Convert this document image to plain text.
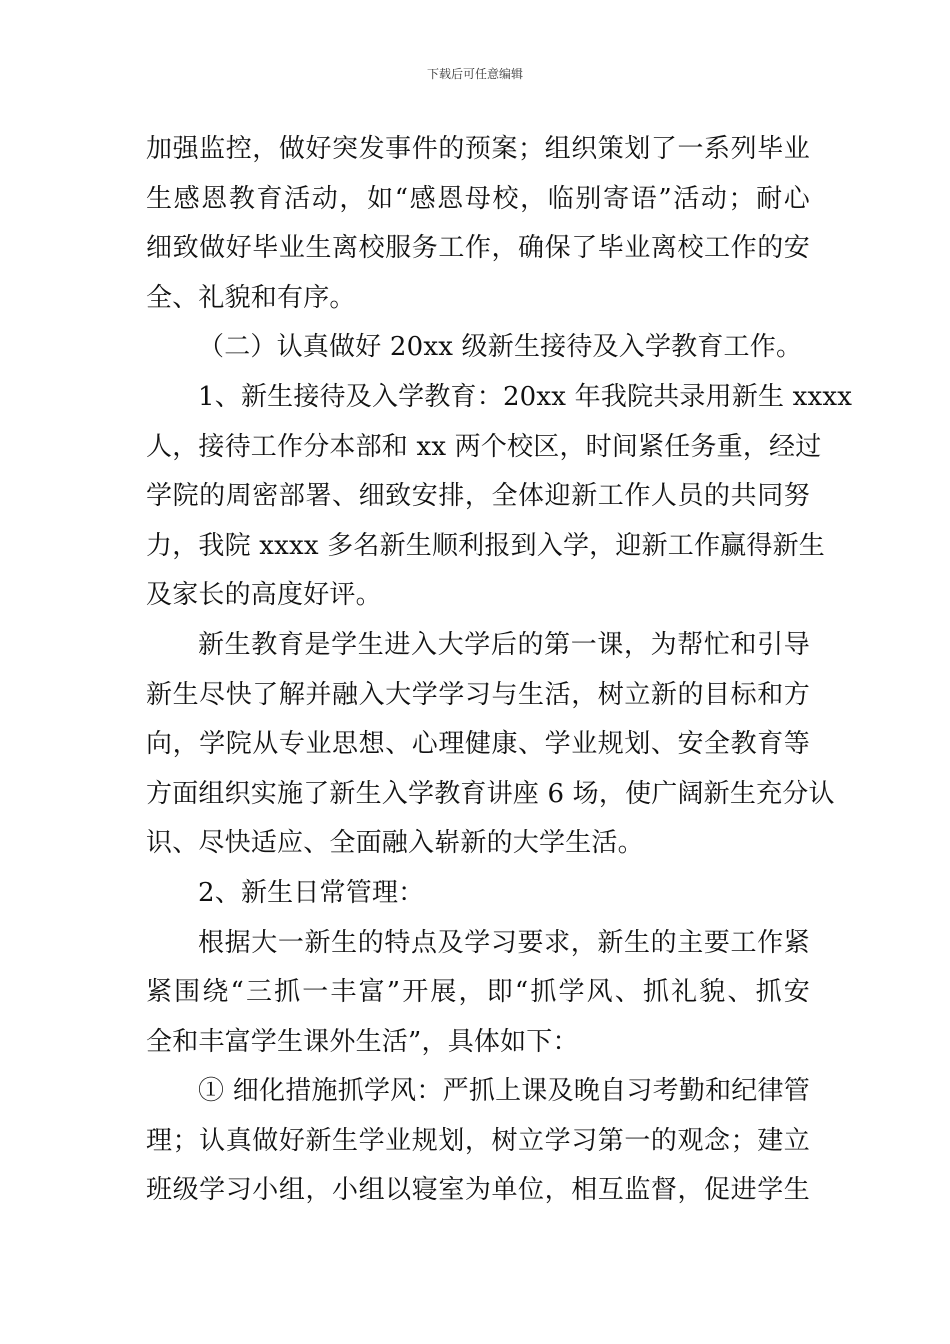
下载后可任意编辑
加强监控，做好突发事件的预案；组织策划了一系列毕业
生感恩教育活动，如“感恩母校，临别寄语”活动；耐心
细致做好毕业生离校服务工作，确保了毕业离校工作的安
全、礼貌和有序。
（二）认真做好 20xx 级新生接待及入学教育工作。
1、新生接待及入学教育：20xx 年我院共录用新生 xxxx
人，接待工作分本部和 xx 两个校区，时间紧任务重，经过
学院的周密部署、细致安排，全体迎新工作人员的共同努
力，我院 xxxx 多名新生顺利报到入学，迎新工作赢得新生
及家长的高度好评。
新生教育是学生进入大学后的第一课，为帮忙和引导
新生尽快了解并融入大学学习与生活，树立新的目标和方
向，学院从专业思想、心理健康、学业规划、安全教育等
方面组织实施了新生入学教育讲座 6 场，使广阔新生充分认
识、尽快适应、全面融入崭新的大学生活。
2、新生日常管理：
根据大一新生的特点及学习要求，新生的主要工作紧
紧围绕“三抓一丰富”开展，即“抓学风、抓礼貌、抓安
全和丰富学生课外生活”，具体如下：
① 细化措施抓学风：严抓上课及晚自习考勤和纪律管
理；认真做好新生学业规划，树立学习第一的观念；建立
班级学习小组，小组以寝室为单位，相互监督，促进学生
